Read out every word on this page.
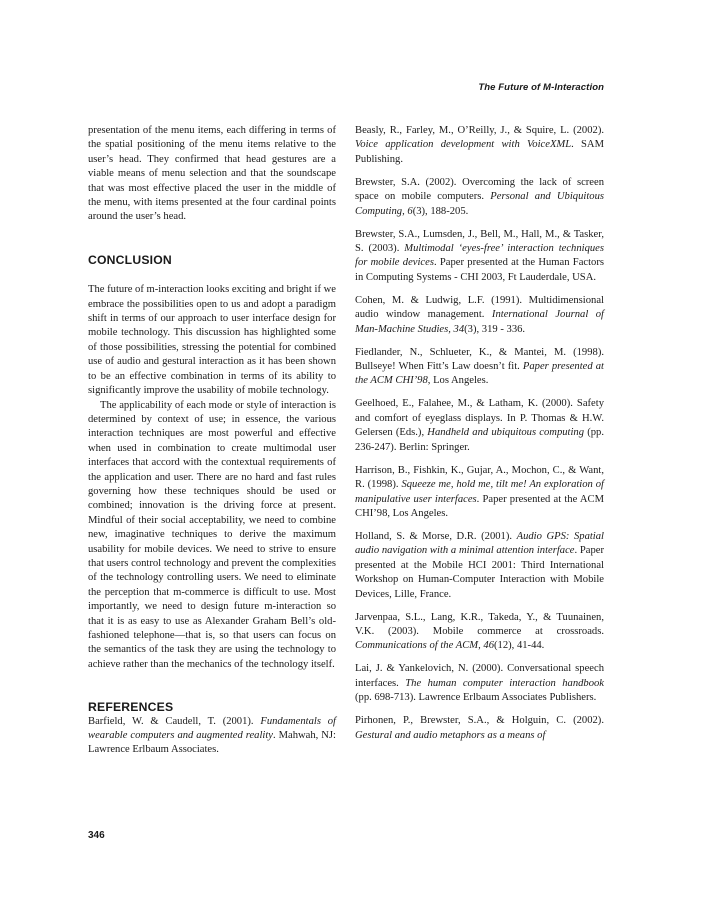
The Future of M-Interaction

presentation of the menu items, each differing in terms of the spatial positioning of the menu items relative to the user’s head. They confirmed that head gestures are a viable means of menu selection and that the soundscape that was most effective placed the user in the middle of the menu, with items presented at the four cardinal points around the user’s head.

CONCLUSION

The future of m-interaction looks exciting and bright if we embrace the possibilities open to us and adopt a paradigm shift in terms of our approach to user interface design for mobile technology. This discussion has highlighted some of those possibilities, stressing the potential for combined use of audio and gestural interaction as it has been shown to be an effective combination in terms of its ability to significantly improve the usability of mobile technology.

The applicability of each mode or style of interaction is determined by context of use; in essence, the various interaction techniques are most powerful and effective when used in combination to create multimodal user interfaces that accord with the contextual requirements of the application and user. There are no hard and fast rules governing how these techniques should be used or combined; innovation is the driving force at present. Mindful of their social acceptability, we need to combine new, imaginative techniques to derive the maximum usability for mobile devices. We need to strive to ensure that users control technology and prevent the complexities of the technology controlling users. We need to eliminate the perception that m-commerce is difficult to use. Most importantly, we need to design future m-interaction so that it is as easy to use as Alexander Graham Bell’s old-fashioned telephone—that is, so that users can focus on the semantics of the task they are using the technology to achieve rather than the mechanics of the technology itself.

REFERENCES

Barfield, W. & Caudell, T. (2001). Fundamentals of wearable computers and augmented reality. Mahwah, NJ: Lawrence Erlbaum Associates.

Beasly, R., Farley, M., O’Reilly, J., & Squire, L. (2002). Voice application development with VoiceXML. SAM Publishing.

Brewster, S.A. (2002). Overcoming the lack of screen space on mobile computers. Personal and Ubiquitous Computing, 6(3), 188-205.

Brewster, S.A., Lumsden, J., Bell, M., Hall, M., & Tasker, S. (2003). Multimodal ‘eyes-free’ interaction techniques for mobile devices. Paper presented at the Human Factors in Computing Systems - CHI 2003, Ft Lauderdale, USA.

Cohen, M. & Ludwig, L.F. (1991). Multidimensional audio window management. International Journal of Man-Machine Studies, 34(3), 319 - 336.

Fiedlander, N., Schlueter, K., & Mantei, M. (1998). Bullseye! When Fitt’s Law doesn’t fit. Paper presented at the ACM CHI’98, Los Angeles.

Geelhoed, E., Falahee, M., & Latham, K. (2000). Safety and comfort of eyeglass displays. In P. Thomas & H.W. Gelersen (Eds.), Handheld and ubiquitous computing (pp. 236-247). Berlin: Springer.

Harrison, B., Fishkin, K., Gujar, A., Mochon, C., & Want, R. (1998). Squeeze me, hold me, tilt me! An exploration of manipulative user interfaces. Paper presented at the ACM CHI’98, Los Angeles.

Holland, S. & Morse, D.R. (2001). Audio GPS: Spatial audio navigation with a minimal attention interface. Paper presented at the Mobile HCI 2001: Third International Workshop on Human-Computer Interaction with Mobile Devices, Lille, France.

Jarvenpaa, S.L., Lang, K.R., Takeda, Y., & Tuunainen, V.K. (2003). Mobile commerce at crossroads. Communications of the ACM, 46(12), 41-44.

Lai, J. & Yankelovich, N. (2000). Conversational speech interfaces. The human computer interaction handbook (pp. 698-713). Lawrence Erlbaum Associates Publishers.

Pirhonen, P., Brewster, S.A., & Holguin, C. (2002). Gestural and audio metaphors as a means of

346
